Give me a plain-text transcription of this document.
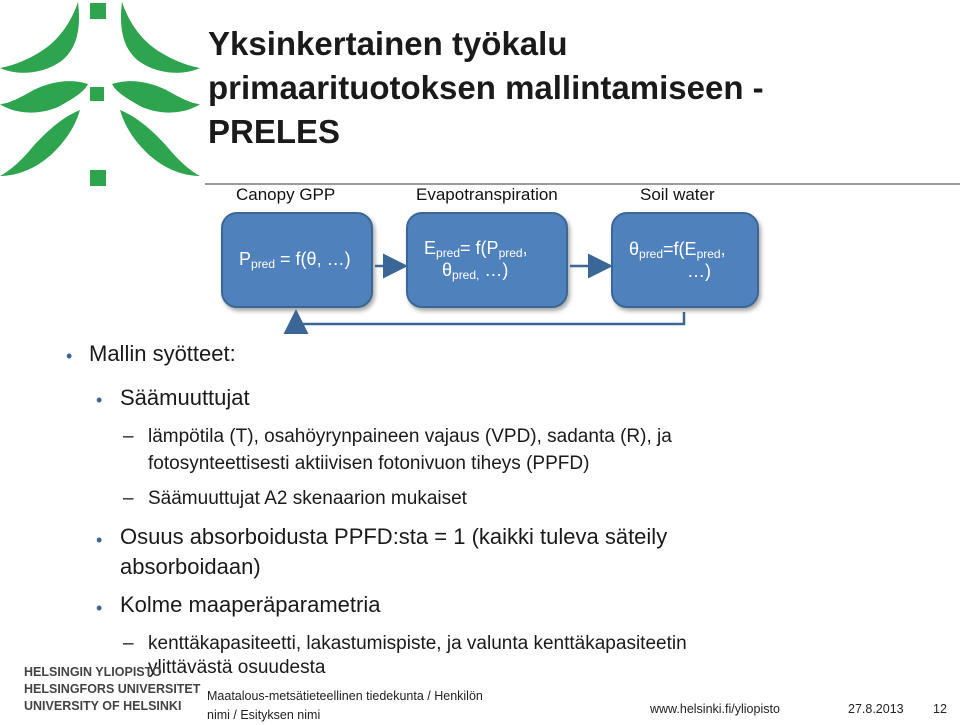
Yksinkertainen työkalu
primaarituotoksen mallintamiseen -
PRELES
Canopy GPP	Evapotranspiration	Soil water
$P_{pred} = f(\theta$, …)
$E_{pred}= f(P_{pred}$,
$\theta_{pred,}$ …)
$\theta_{pred}=f(E_{pred}$,
…)
• Mallin syötteet:
• Säämuuttujat
– lämpötila (T), osahöyrynpaineen vajaus (VPD), sadanta (R), ja
fotosynteettisesti aktiivisen fotonivuon tiheys (PPFD)
– Säämuuttujat A2 skenaarion mukaiset
• Osuus absorboidusta PPFD:sta = 1 (kaikki tuleva säteily
absorboidaan)
• Kolme maaperäparametria
– kenttäkapasiteetti, lakastumispiste, ja valunta kenttäkapasiteetin
ylittävästä osuudesta
HELSINGIN YLIOPISTO
HELSINGFORS UNIVERSITET
UNIVERSITY OF HELSINKI
Maatalous-metsätieteellinen tiedekunta / Henkilön
nimi / Esityksen nimi	www.helsinki.fi/yliopisto	27.8.2013 12
